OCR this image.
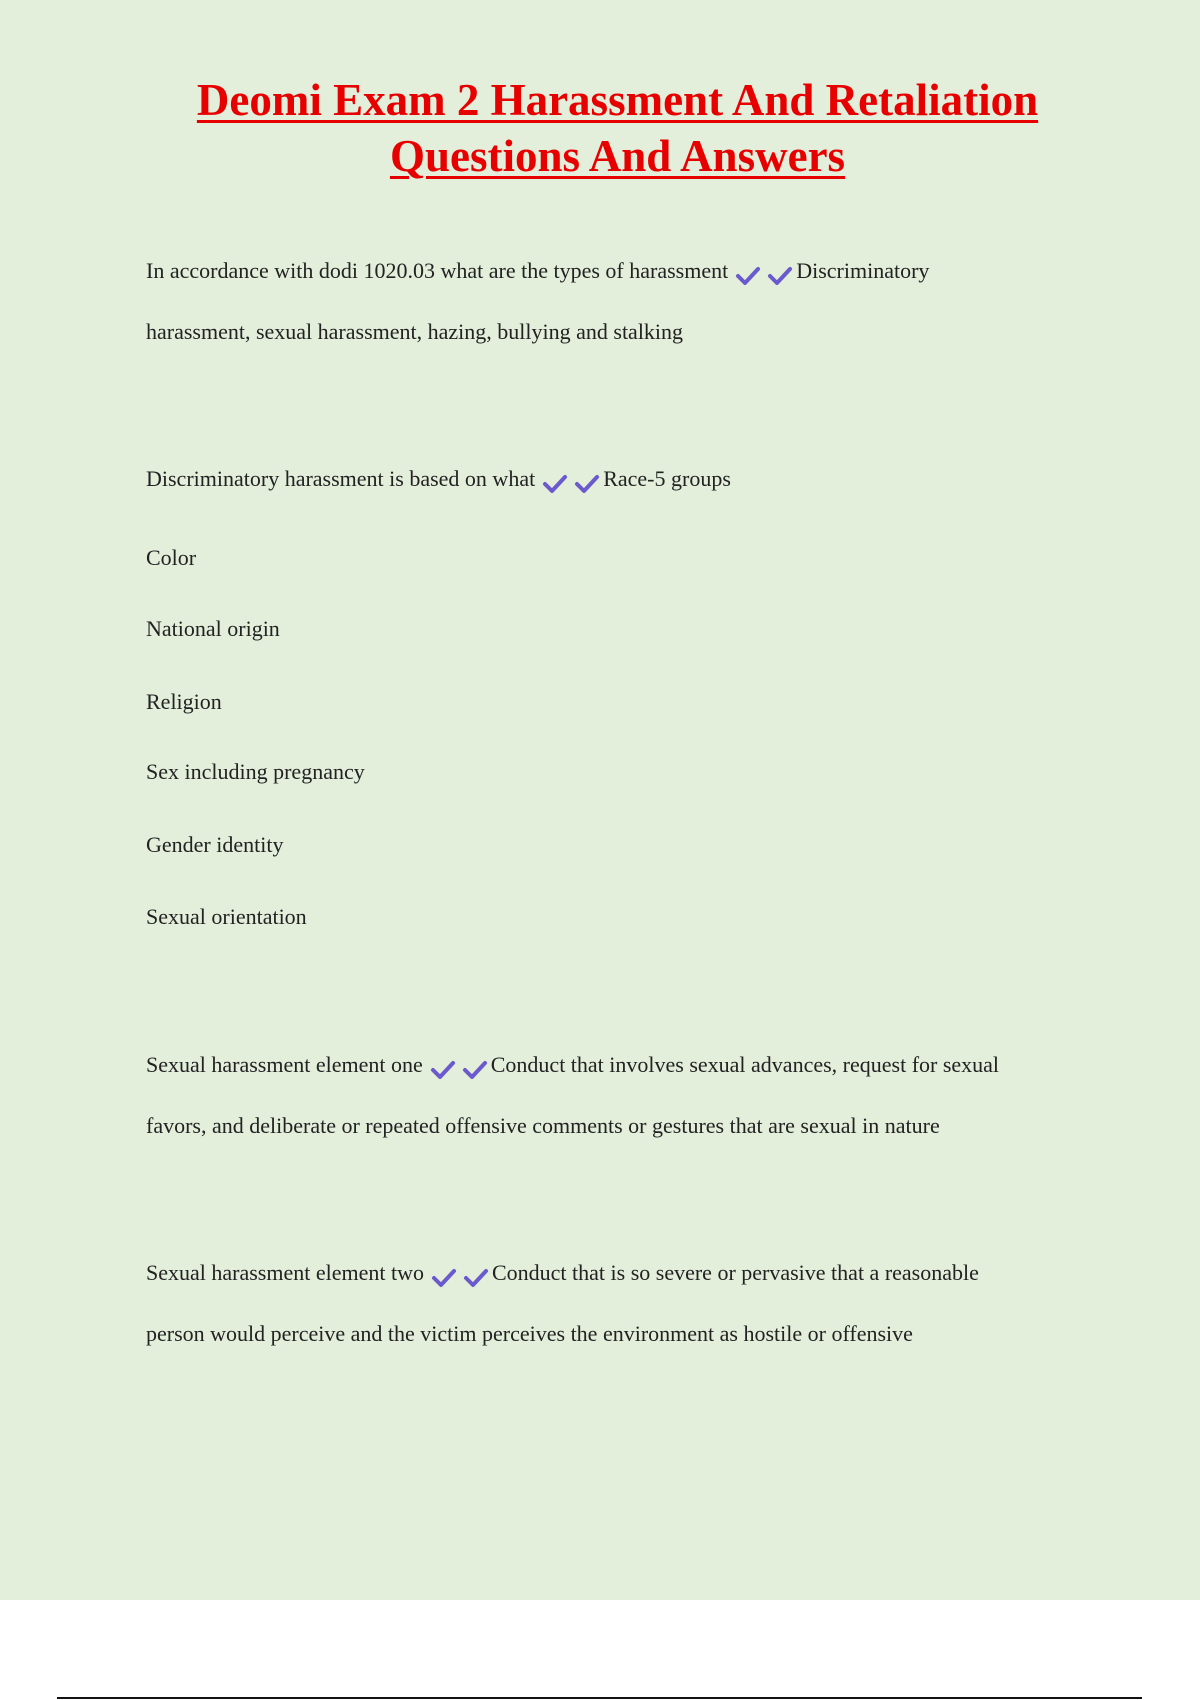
Deomi Exam 2 Harassment And Retaliation
Questions And Answers
In accordance with dodi 1020.03 what are the types of harassment	Discriminatory
harassment, sexual harassment, hazing, bullying and stalking
Discriminatory harassment is based on what	Race-5 groups
Color
National origin
Religion
Sex including pregnancy
Gender identity
Sexual orientation
Sexual harassment element one	Conduct that involves sexual advances, request for sexual
favors, and deliberate or repeated offensive comments or gestures that are sexual in nature
Sexual harassment element two	Conduct that is so severe or pervasive that a reasonable
person would perceive and the victim perceives the environment as hostile or offensive
